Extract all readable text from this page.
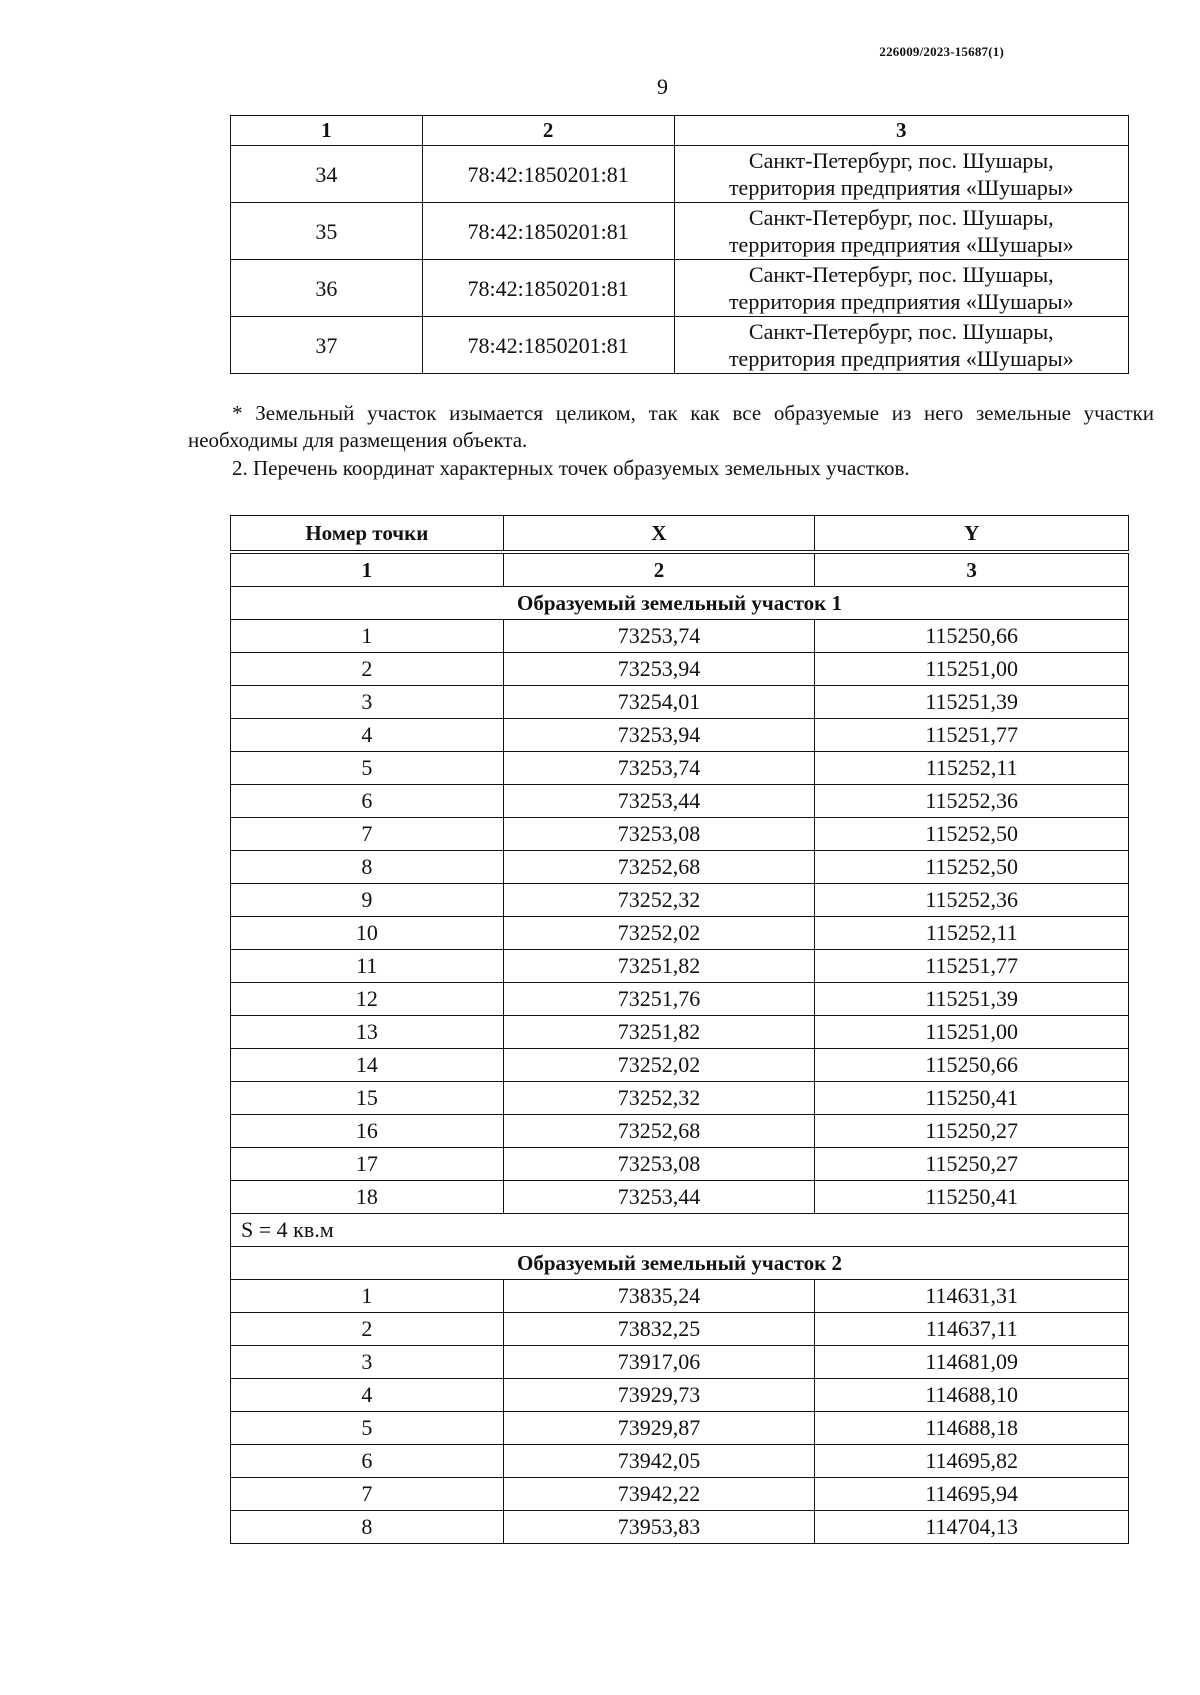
226009/2023-15687(1)
9
1	2	3
34	78:42:1850201:81	Санкт-Петербург, пос. Шушары,
территория предприятия «Шушары»
35	78:42:1850201:81	Санкт-Петербург, пос. Шушары,
территория предприятия «Шушары»
36	78:42:1850201:81	Санкт-Петербург, пос. Шушары,
территория предприятия «Шушары»
37	78:42:1850201:81	Санкт-Петербург, пос. Шушары,
территория предприятия «Шушары»

* Земельный участок изымается целиком, так как все образуемые из него земельные участки необходимы для размещения объекта.

2. Перечень координат характерных точек образуемых земельных участков.

Номер точки	X	Y
1	2	3
Образуемый земельный участок 1		
1	73253,74	115250,66
2	73253,94	115251,00
3	73254,01	115251,39
4	73253,94	115251,77
5	73253,74	115252,11
6	73253,44	115252,36
7	73253,08	115252,50
8	73252,68	115252,50
9	73252,32	115252,36
10	73252,02	115252,11
11	73251,82	115251,77
12	73251,76	115251,39
13	73251,82	115251,00
14	73252,02	115250,66
15	73252,32	115250,41
16	73252,68	115250,27
17	73253,08	115250,27
18	73253,44	115250,41
S = 4 кв.м		
Образуемый земельный участок 2		
1	73835,24	114631,31
2	73832,25	114637,11
3	73917,06	114681,09
4	73929,73	114688,10
5	73929,87	114688,18
6	73942,05	114695,82
7	73942,22	114695,94
8	73953,83	114704,13
